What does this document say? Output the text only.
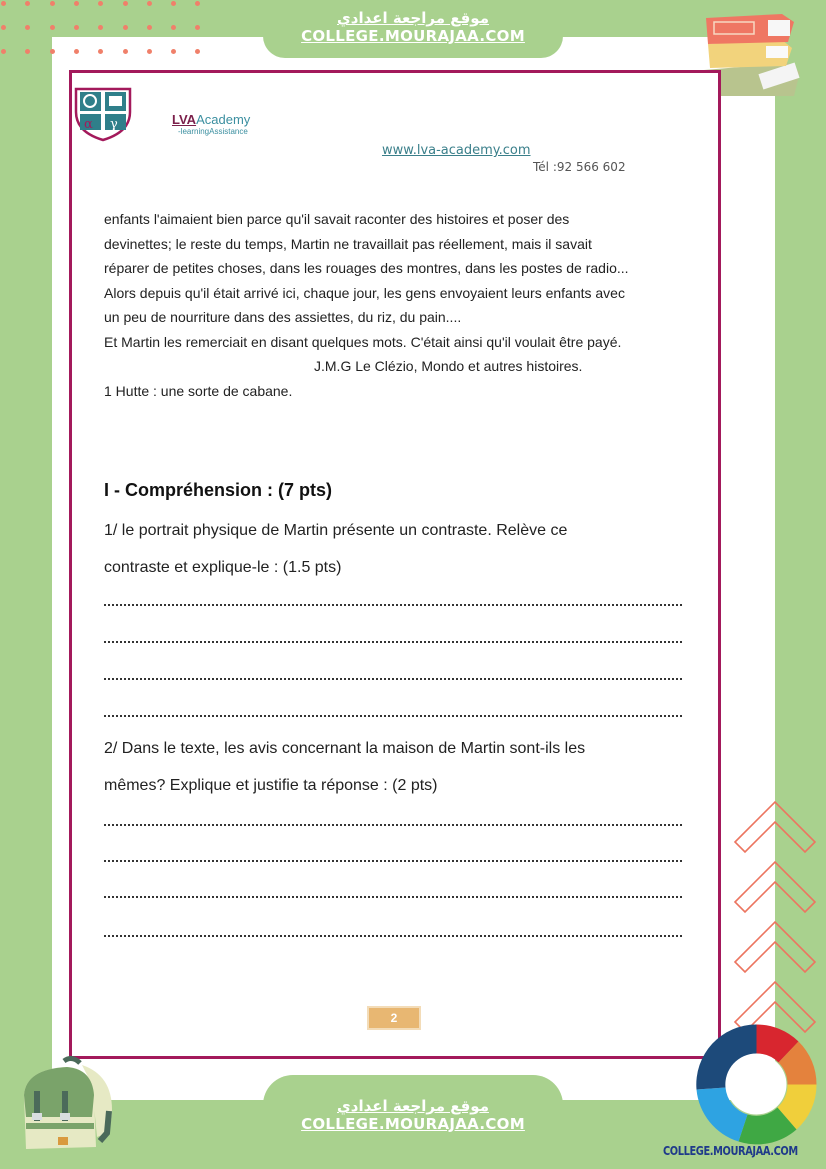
موقع مراجعة اعدادي
COLLEGE.MOURAJAA.COM
α γ	LVAAcademy
-learningAssistance
www.lva-academy.com
Tél :92 566 602
enfants l'aimaient bien parce qu'il savait raconter des histoires et poser des
devinettes; le reste du temps, Martin ne travaillait pas réellement, mais il savait
réparer de petites choses, dans les rouages des montres, dans les postes de radio...
Alors depuis qu'il était arrivé ici, chaque jour, les gens envoyaient leurs enfants avec
un peu de nourriture dans des assiettes, du riz, du pain....
Et Martin les remerciait en disant quelques mots. C'était ainsi qu'il voulait être payé.
J.M.G Le Clézio, Mondo et autres histoires.
1 Hutte : une sorte de cabane.
I - Compréhension : (7 pts)
1/ le portrait physique de Martin présente un contraste. Relève ce
contraste et explique-le : (1.5 pts)
2/ Dans le texte, les avis concernant la maison de Martin sont-ils les
mêmes? Explique et justifie ta réponse : (2 pts)
2
COLLEGE.MOURAJAA.COM
موقع مراجعة اعدادي
COLLEGE.MOURAJAA.COM
